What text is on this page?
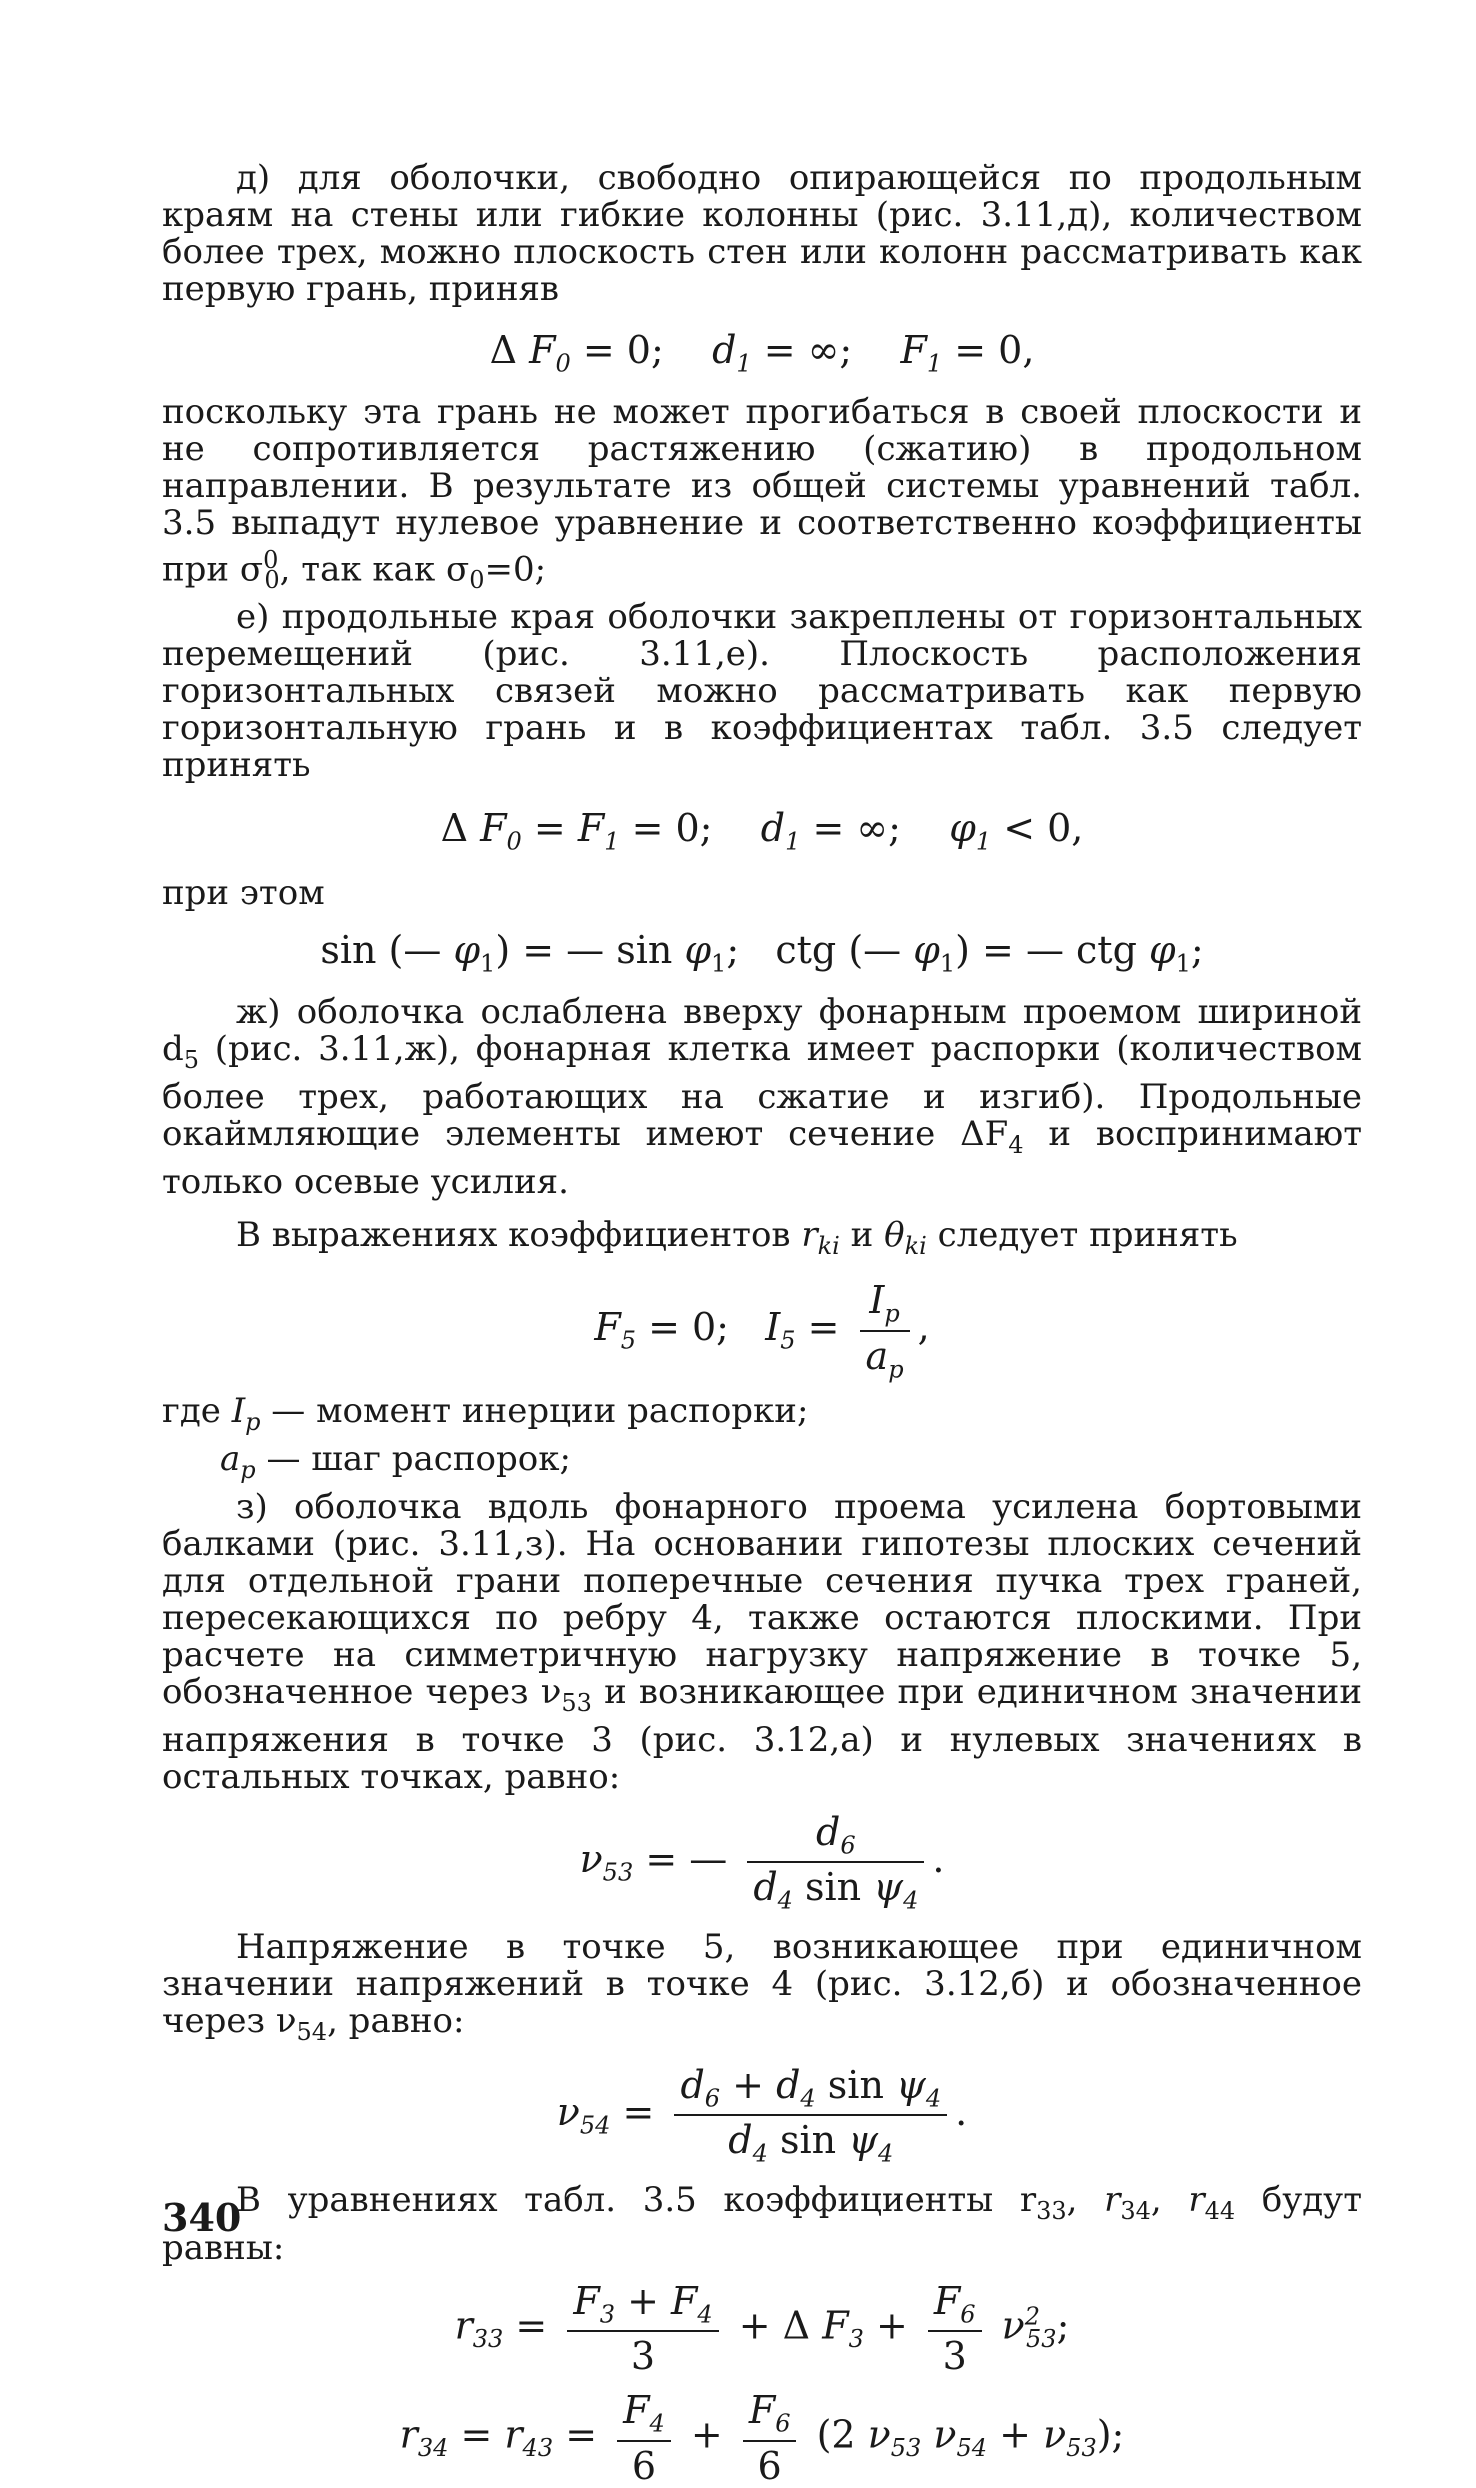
д) для оболочки, свободно опирающейся по продольным краям на стены или гибкие колонны (рис. 3.11,д), количеством более трех, можно плоскость стен или колонн рассматривать как первую грань, приняв

Δ $F_0 = 0$;    $d_1$ = ∞;    $F_1 = 0$,

поскольку эта грань не может прогибаться в своей плоскости и не сопротивляется растяжению (сжатию) в продольном направлении. В результате из общей системы уравнений табл. 3.5 выпадут нулевое уравнение и соответственно коэффициенты при $\sigma^0_0$, так как $\sigma_0=0$;

е) продольные края оболочки закреплены от горизонтальных перемещений (рис. 3.11,е). Плоскость расположения горизонтальных связей можно рассматривать как первую горизонтальную грань и в коэффициентах табл. 3.5 следует принять

Δ $F_0 = F_1 = 0$;    $d_1$ = ∞;    $\varphi_1 < 0$,

при этом

sin (— $\varphi_1$) = — $\sin \varphi_1$;   ctg (— $\varphi_1$) = — ctg $\varphi_1$;

ж) оболочка ослаблена вверху фонарным проемом шириной $d_5$ (рис. 3.11,ж), фонарная клетка имеет распорки (количеством более трех, работающих на сжатие и изгиб). Продольные окаймляющие элементы имеют сечение $\Delta F_4$ и воспринимают только осевые усилия.

В выражениях коэффициентов $r_{ki}$ и $\theta_{ki}$ следует принять

$F_5 = 0$;   $I_5 = \frac{I_p}{a_p}$ ,

где $I_p$ — момент инерции распорки;

$a_p$ — шаг распорок;

з) оболочка вдоль фонарного проема усилена бортовыми балками (рис. 3.11,з). На основании гипотезы плоских сечений для отдельной грани поперечные сечения пучка трех граней, пересекающихся по ребру 4, также остаются плоскими. При расчете на симметричную нагрузку напряжение в точке 5, обозначенное через $\nu_{53}$ и возникающее при единичном значении напряжения в точке 3 (рис. 3.12,а) и нулевых значениях в остальных точках, равно:

$\nu_{53}$ = — $\frac{d_6}{d_4 \sin \psi_4}$ .

Напряжение в точке 5, возникающее при единичном значении напряжений в точке 4 (рис. 3.12,б) и обозначенное через $\nu_{54}$, равно:

$\nu_{54} = \frac{d_6 + d_4 \sin \psi_4}{d_4 \sin \psi_4}$ .

В уравнениях табл. 3.5 коэффициенты $r_{33}$, $r_{34}$, $r_{44}$ будут равны:

$r_{33} = \frac{F_3 + F_4}{3} + \Delta$ $F_3 + \frac{F_6}{3} \nu^2_{53}$;
$r_{34} = r_{43} = \frac{F_4}{6} + \frac{F_6}{6} (2$ $\nu_{53}$ $\nu_{54} + \nu_{53}$);
340
